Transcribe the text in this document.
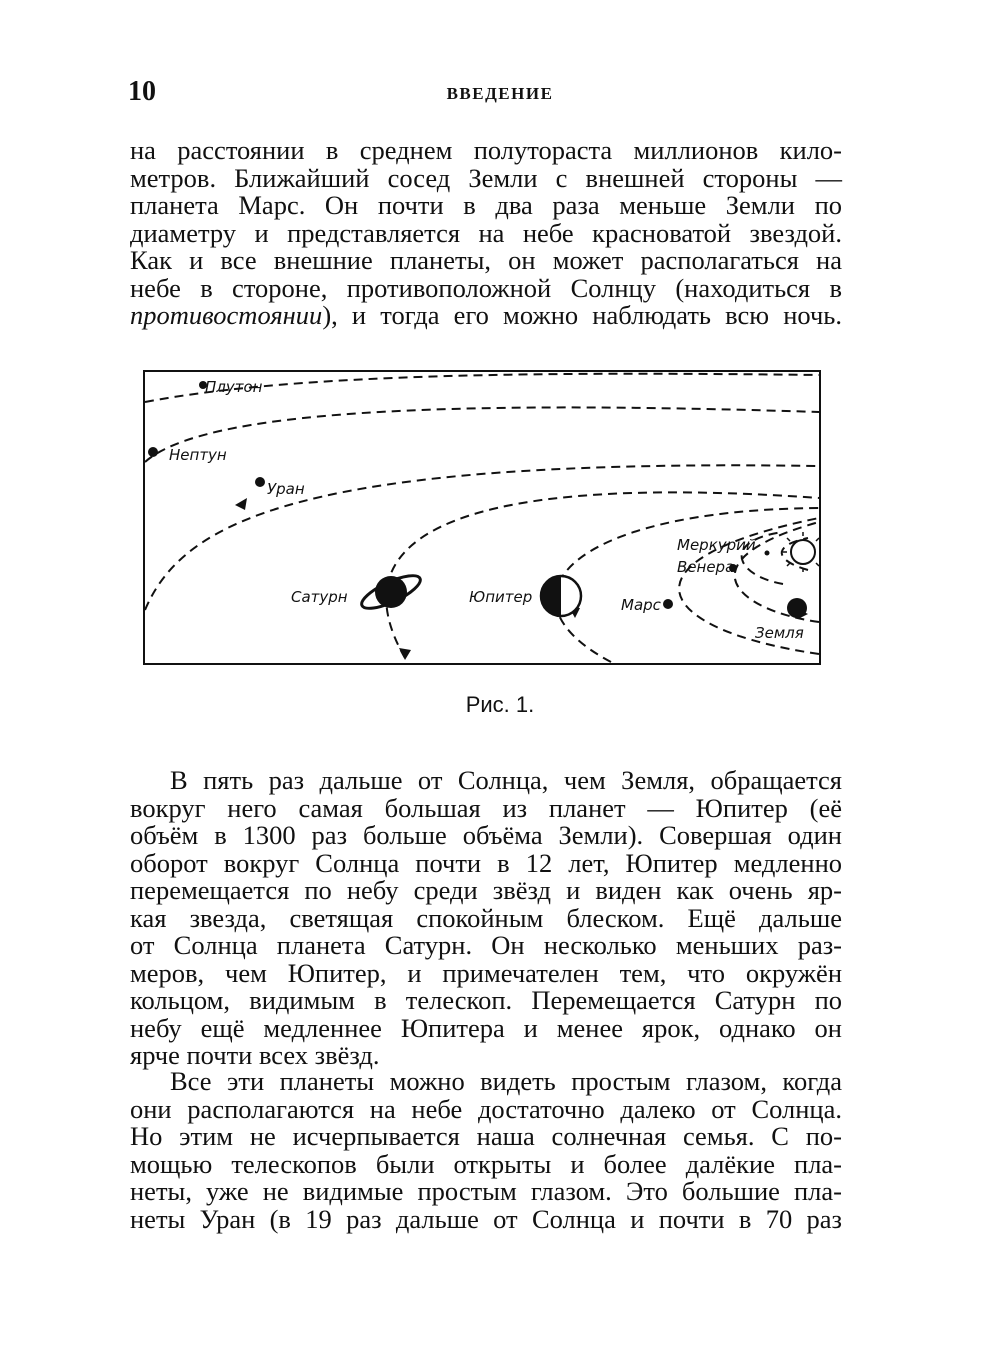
10	ВВЕДЕНИЕ
на расстоянии в среднем полутораста миллионов кило-
метров. Ближайший сосед Земли с внешней стороны —
планета Марс. Он почти в два раза меньше Земли по
диаметру и представляется на небе красноватой звездой.
Как и все внешние планеты, он может располагаться на
небе в стороне, противоположной Солнцу (находиться в
противостоянии), и тогда его можно наблюдать всю ночь.
Плутон
Нептун
Уран
Сатурн	Юпитер	Марс
Меркурий
Венера
Земля
Рис. 1.
В пять раз дальше от Солнца, чем Земля, обращается
вокруг него самая большая из планет — Юпитер (её
объём в 1300 раз больше объёма Земли). Совершая один
оборот вокруг Солнца почти в 12 лет, Юпитер медленно
перемещается по небу среди звёзд и виден как очень яр-
кая звезда, светящая спокойным блеском. Ещё дальше
от Солнца планета Сатурн. Он несколько меньших раз-
меров, чем Юпитер, и примечателен тем, что окружён
кольцом, видимым в телескоп. Перемещается Сатурн по
небу ещё медленнее Юпитера и менее ярок, однако он
ярче почти всех звёзд.
Все эти планеты можно видеть простым глазом, когда
они располагаются на небе достаточно далеко от Солнца.
Но этим не исчерпывается наша солнечная семья. С по-
мощью телескопов были открыты и более далёкие пла-
неты, уже не видимые простым глазом. Это большие пла-
неты Уран (в 19 раз дальше от Солнца и почти в 70 раз
